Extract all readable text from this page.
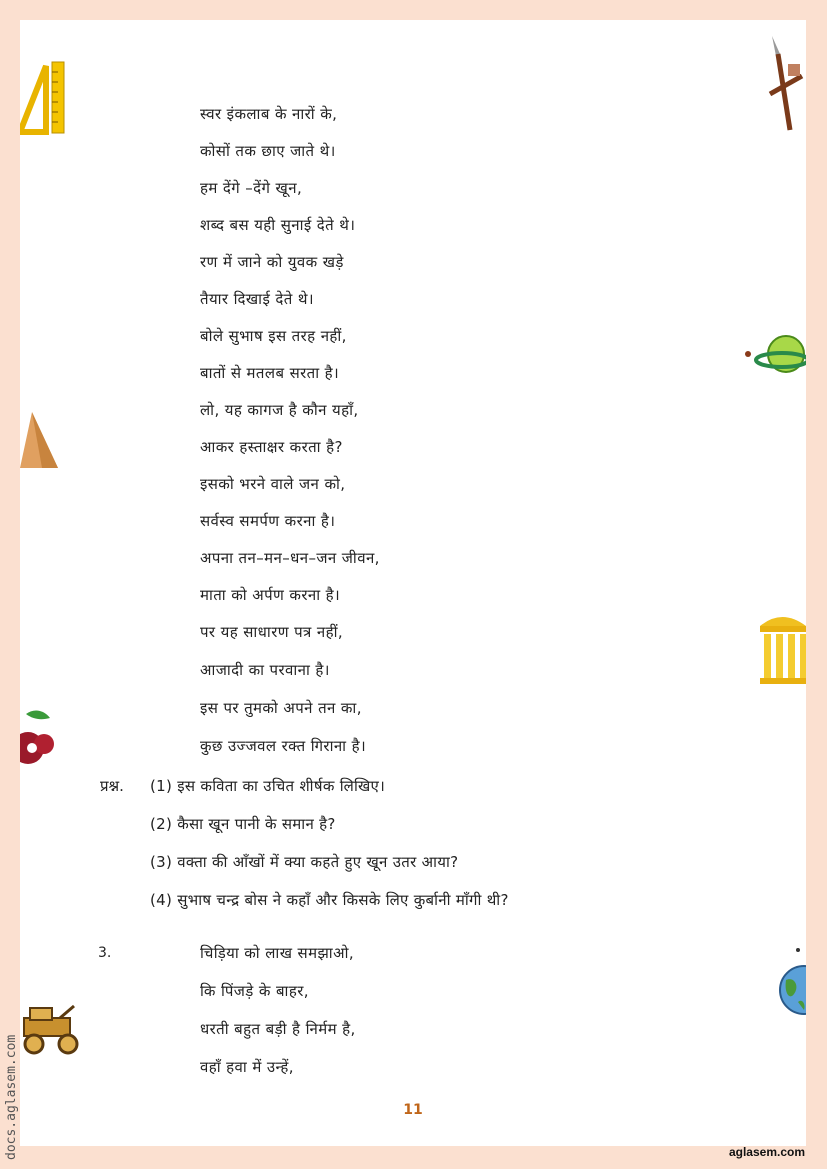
स्वर इंकलाब के नारों के,
कोसों तक छाए जाते थे।
हम देंगे –देंगे खून,
शब्द बस यही सुनाई देते थे।
रण में जाने को युवक खड़े
तैयार दिखाई देते थे।
बोले सुभाष इस तरह नहीं,
बातों से मतलब सरता है।
लो, यह कागज है कौन यहाँ,
आकर हस्ताक्षर करता है?
इसको भरने वाले जन को,
सर्वस्व समर्पण करना है।
अपना तन–मन–धन–जन जीवन,
माता को अर्पण करना है।
पर यह साधारण पत्र नहीं,
आजादी का परवाना है।
इस पर तुमको अपने तन का,
कुछ उज्जवल रक्त गिराना है।
प्रश्न. (1) इस कविता का उचित शीर्षक लिखिए।
(2) कैसा खून पानी के समान है?
(3) वक्ता की आँखों में क्या कहते हुए खून उतर आया?
(4) सुभाष चन्द्र बोस ने कहाँ और किसके लिए कुर्बानी माँगी थी?
3.	चिड़िया को लाख समझाओ,
कि पिंजड़े के बाहर,
धरती बहुत बड़ी है निर्मम है,
वहाँ हवा में उन्हें,
11
docs.aglasem.com	aglasem.com
